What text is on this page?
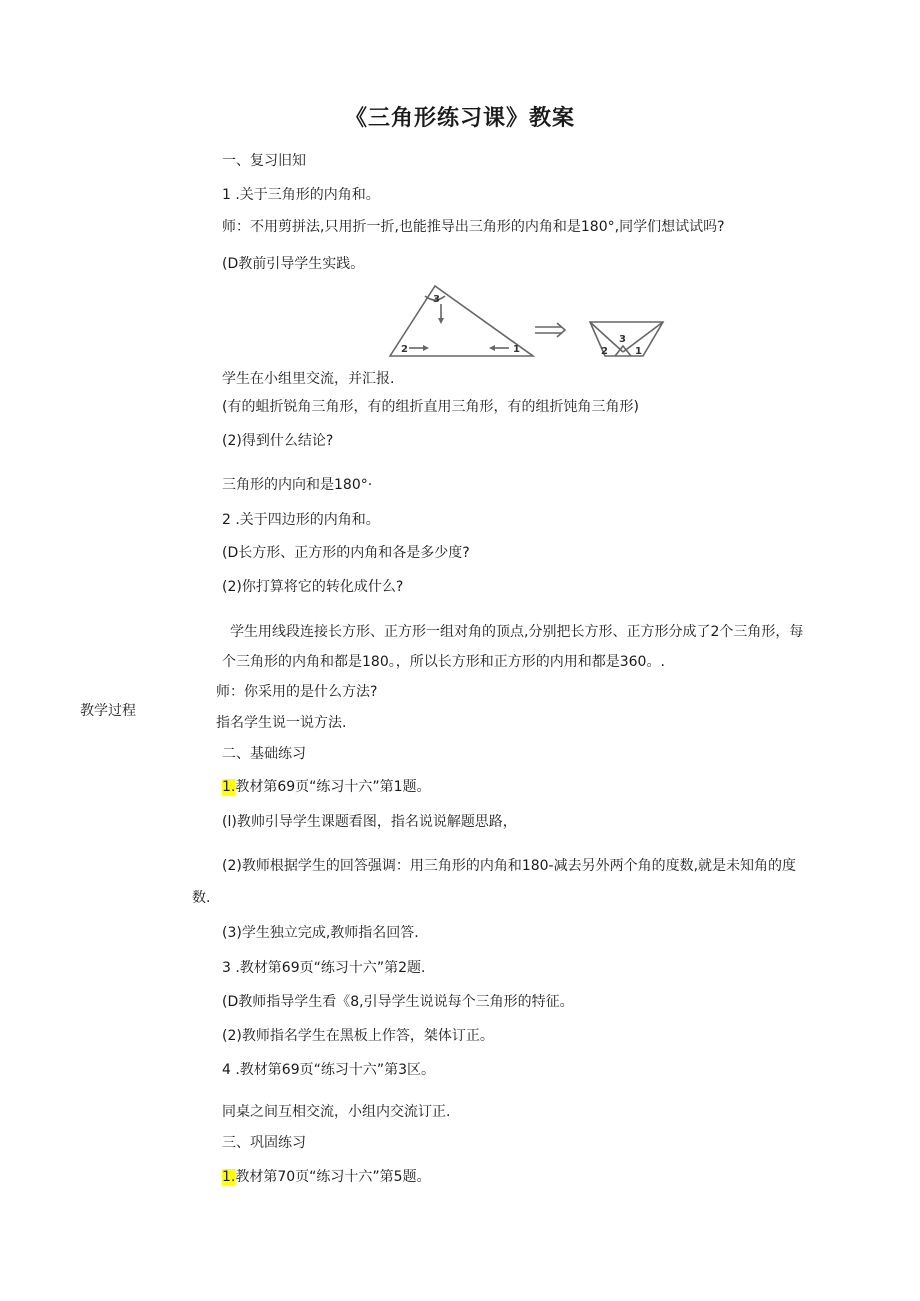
《三角形练习课》教案
一、复习旧知
1 .关于三角形的内角和。
师：不用剪拼法,只用折一折,也能推导出三角形的内角和是180°,同学们想试试吗?
(D教前引导学生实践。
3
2	1
3
2	1
学生在小组里交流，并汇报.
(有的蛆折锐角三角形，有的组折直用三角形，有的组折饨角三角形)
(2)得到什么结论?
三角形的内向和是180°·
2 .关于四边形的内角和。
(D长方形、正方形的内角和各是多少度?
(2)你打算将它的转化成什么?
学生用线段连接长方形、正方形一组对角的顶点,分别把长方形、正方形分成了2个三角形，每
个三角形的内角和都是180。，所以长方形和正方形的内用和都是360。.
教学过程
师：你采用的是什么方法?
指名学生说一说方法.
二、基础练习
1.教材第69页“练习十六”第1题。
(l)教帅引导学生课题看图，指名说说解题思路，
(2)教师根据学生的回答强调：用三角形的内角和180-减去另外两个角的度数,就是未知角的度
数.
(3)学生独立完成,教师指名回答.
3 .教材第69页“练习十六”第2题.
(D教师指导学生看《8,引导学生说说每个三角形的特征。
(2)教师指名学生在黑板上作答，桀体订正。
4 .教材第69页“练习十六”第3区。
同桌之间互相交流，小组内交流订正.
三、巩固练习
1.教材第70页“练习十六”第5题。
